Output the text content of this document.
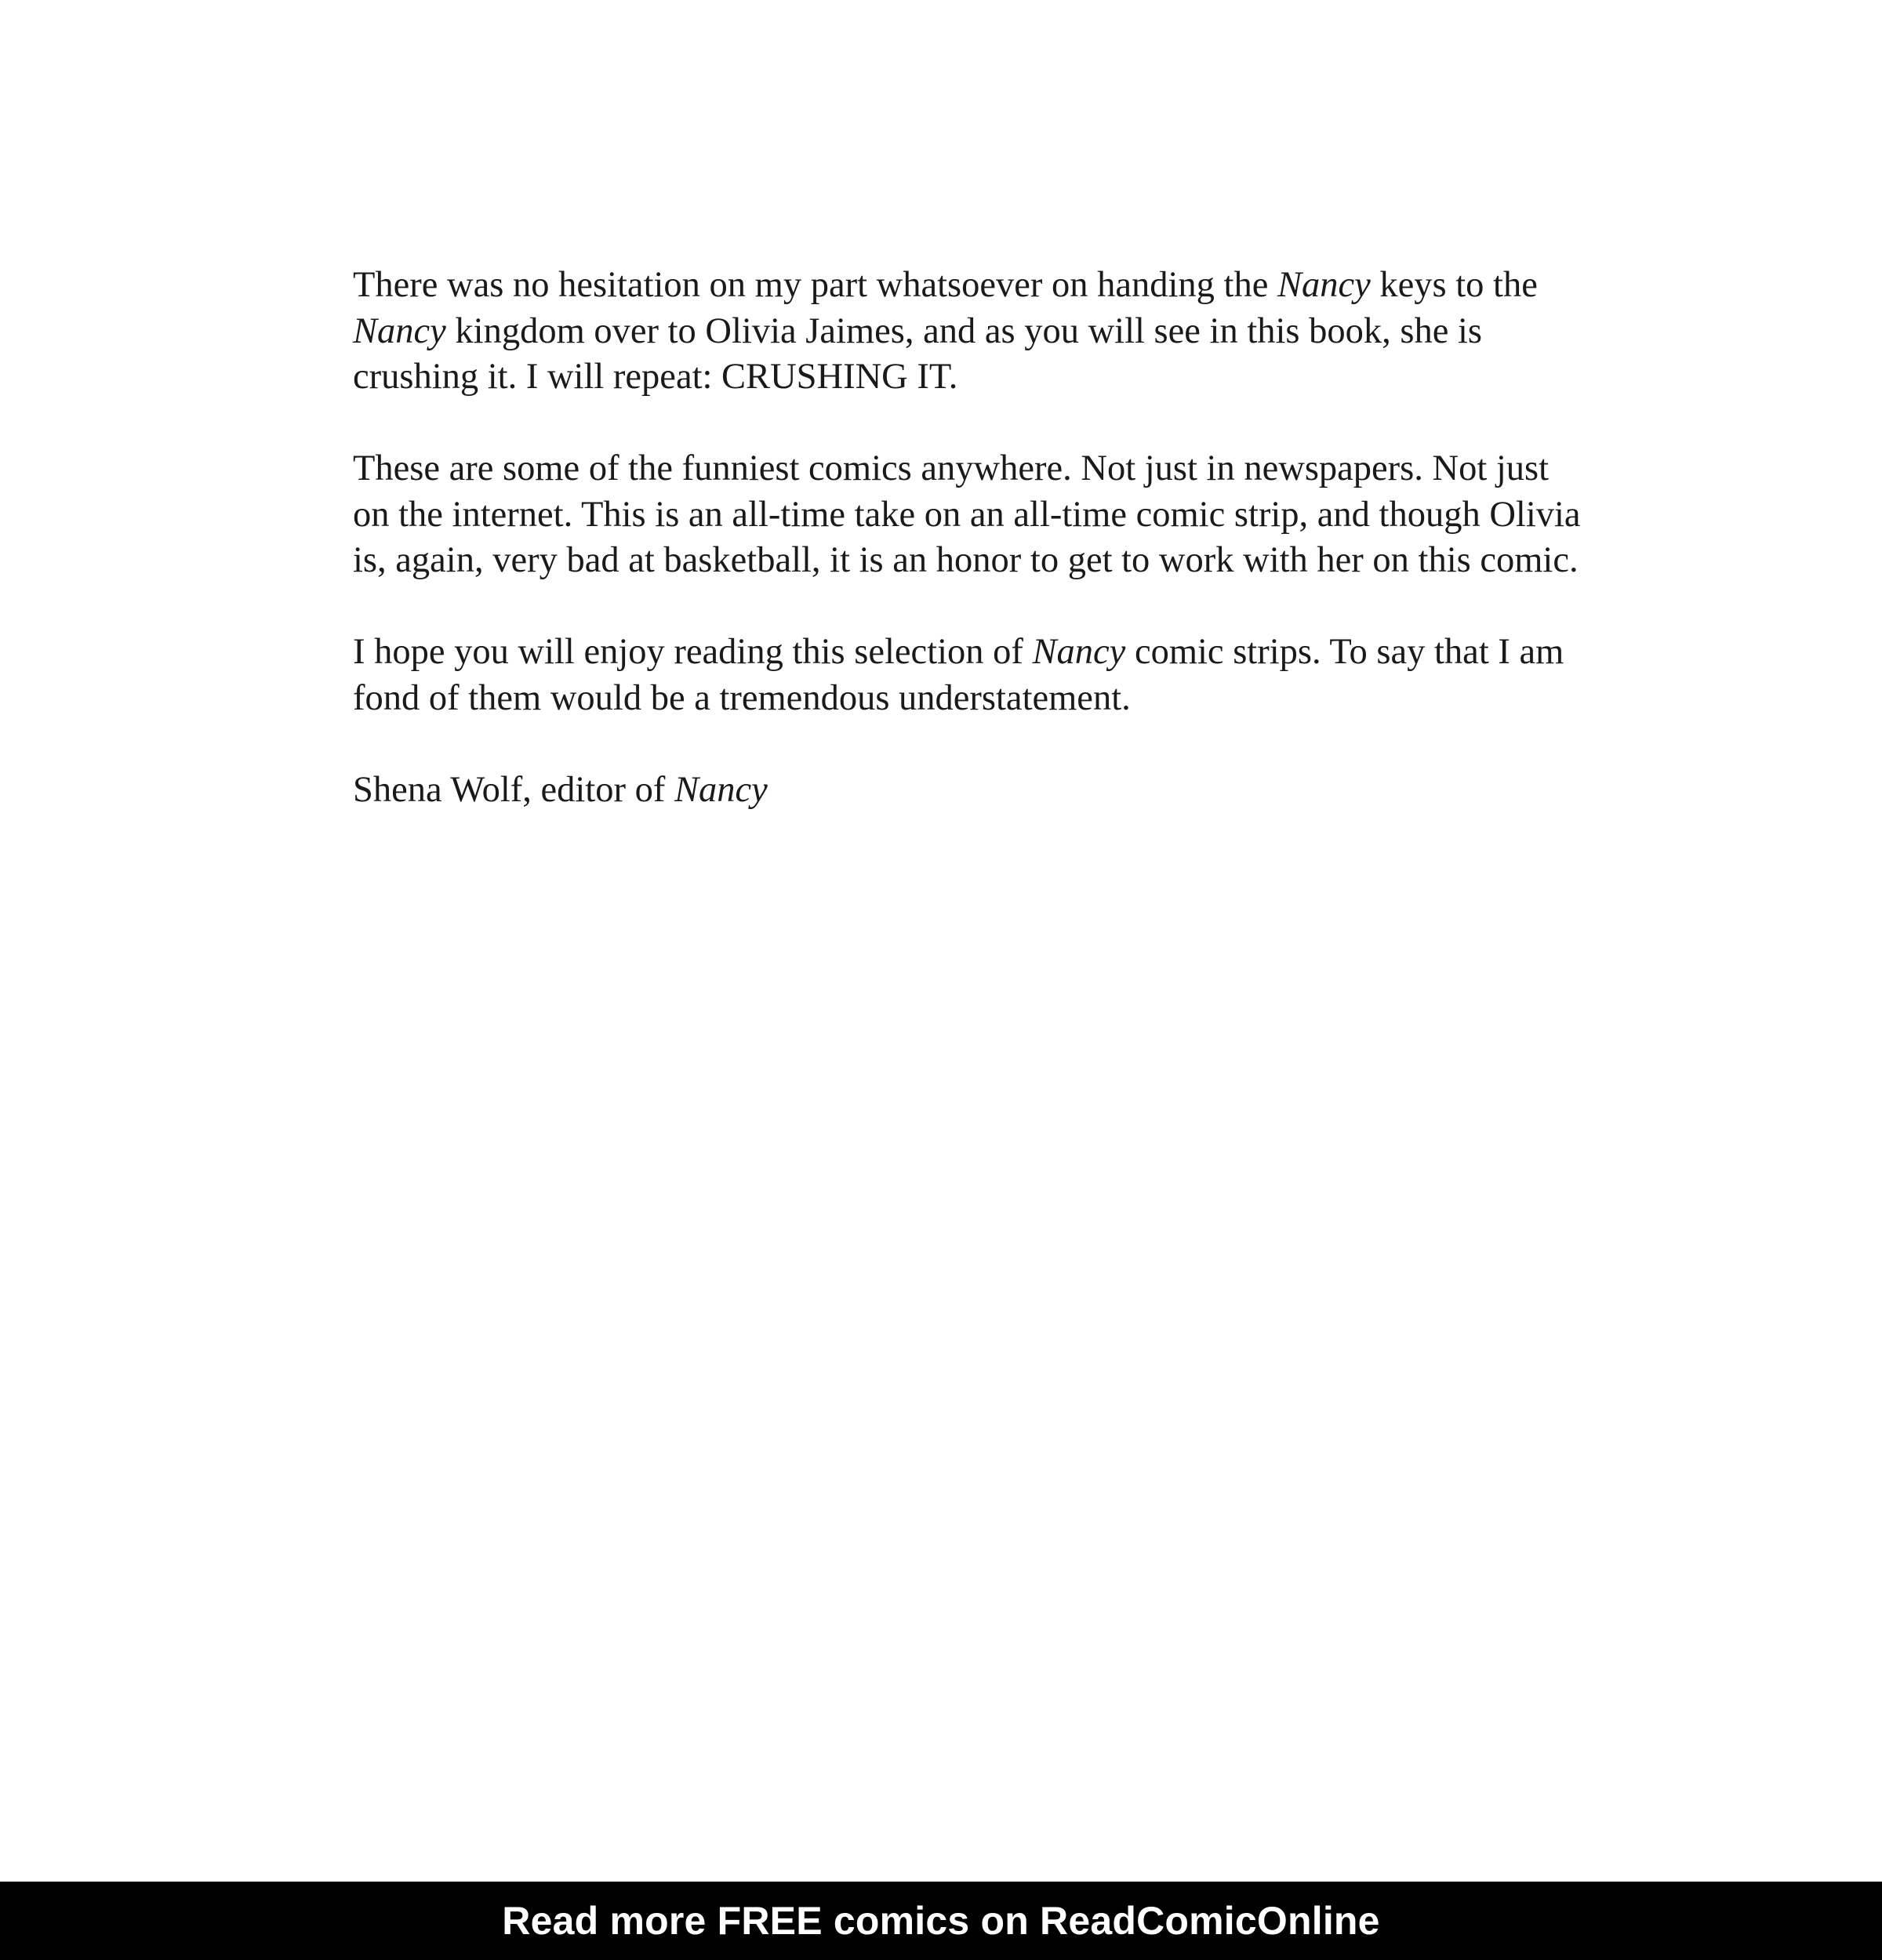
There was no hesitation on my part whatsoever on handing the Nancy keys to the Nancy kingdom over to Olivia Jaimes, and as you will see in this book, she is crushing it. I will repeat: CRUSHING IT.

These are some of the funniest comics anywhere. Not just in newspapers. Not just on the internet. This is an all-time take on an all-time comic strip, and though Olivia is, again, very bad at basketball, it is an honor to get to work with her on this comic.

I hope you will enjoy reading this selection of Nancy comic strips. To say that I am fond of them would be a tremendous understatement.

Shena Wolf, editor of Nancy

Read more FREE comics on ReadComicOnline
